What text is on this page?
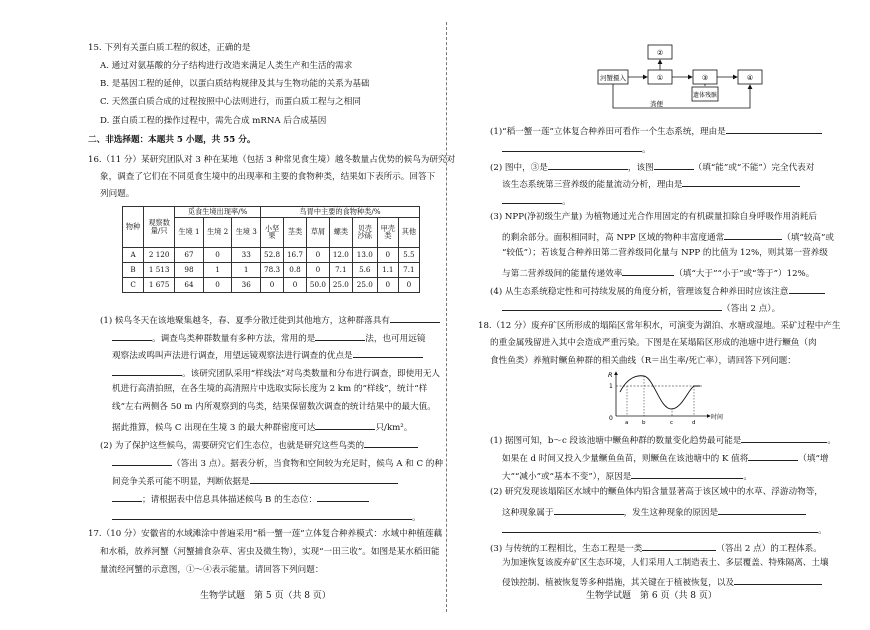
15. 下列有关蛋白质工程的叙述，正确的是
A. 通过对氨基酸的分子结构进行改造来满足人类生产和生活的需求
B. 是基因工程的延伸，以蛋白质结构规律及其与生物功能的关系为基础
C. 天然蛋白质合成的过程按照中心法则进行，而蛋白质工程与之相同
D. 蛋白质工程的操作过程中，需先合成 mRNA 后合成基因
二、非选择题：本题共 5 小题，共 55 分。
16.（11 分）某研究团队对 3 种在某地（包括 3 种常见食生境）越冬数量占优势的候鸟为研究对
象，调查了它们在不同觅食生境中的出现率和主要的食物种类，结果如下表所示。回答下
列问题。
物种	观察数量/只	觅食生境出现率/%			鸟胃中主要的食物种类/%						
		生境 1	生境 2	生境 3	小坚果	茎类	草屑	螺类	贝壳沙砾	甲壳类	其他
A	2 120	67	0	33	52.8	16.7	0	12.0	13.0	0	5.5
B	1 513	98	1	1	78.3	0.8	0	7.1	5.6	1.1	7.1
C	1 675	64	0	36	0	0	50.0	25.0	25.0	0	0
(1) 候鸟冬天在该地聚集越冬，春、夏季分散迁徙到其他地方，这种群落具有
。调查鸟类种群数量有多种方法，常用的是	法，也可用远镜
观察法或鸣叫声法进行调查，用望远镜观察法进行调查的优点是
。该研究团队采用“样线法”对鸟类数量和分布进行调查，即使用无人
机进行高清拍照，在各生境的高清照片中选取实际长度为 2 km 的“样线”，统计“样
线”左右两侧各 50 m 内所观察到的鸟类，结果保留数次调查的统计结果中的最大值。
据此推算，候鸟 C 出现在生境 3 的最大种群密度可达	只/km²。
(2) 为了保护这些候鸟，需要研究它们生态位，也就是研究这些鸟类的
（答出 3 点）。据表分析，当食物和空间较为充足时，候鸟 A 和 C 的种
间竞争关系可能不明显，判断依据是
；请根据表中信息具体描述候鸟 B 的生态位：
。
17.（10 分）安徽省的水域滩涂中普遍采用“稻一蟹一莲”立体复合种养模式：水域中种植莲藕
和水稻，放养河蟹（河蟹捕食杂草、害虫及微生物），实现“一田三收”。如图是某水稻田能
量流经河蟹的示意图，①～④表示能量。请回答下列问题：
生物学试题　第 5 页（共 8 页）
河蟹摄入	①
②
③	④
遗体残骸
粪便
(1)“稻一蟹一莲”立体复合种养田可看作一个生态系统，理由是
。
(2) 图中，③是	，该图	（填“能”或“不能”）完全代表对
该生态系统第三营养级的能量流动分析，理由是
。
(3) NPP(净初级生产量) 为植物通过光合作用固定的有机碳量扣除自身呼吸作用消耗后
的剩余部分。面积相同时，高 NPP 区域的物种丰富度通常	（填“较高”或
“较低”）；若该复合种养田第二营养级同化量与 NPP 的比值为 12%，则其第一营养级
与第二营养级间的能量传递效率	（填“大于”“小于”或“等于”）12%。
(4) 从生态系统稳定性和可持续发展的角度分析，管理该复合种养田时应该注意
（答出 2 点）。
18.（12 分）废弃矿区所形成的塌陷区常年积水，可演变为湖泊、水塘或湿地。采矿过程中产生
的重金属残留进入其中会造成严重污染。下图是在某塌陷区形成的池塘中进行鳜鱼（肉
食性鱼类）养殖时鳜鱼种群的相关曲线（R＝出生率/死亡率），请回答下列问题：
R
时间
1
0
a b	c	d
(1) 据图可知，b～c 段该池塘中鳜鱼种群的数量变化趋势最可能是	。
如果在 d 时间又投入少量鳜鱼鱼苗，则鳜鱼在该池塘中的 K 值将	（填“增
大”“减小”或“基本不变”），原因是	。
(2) 研究发现该塌陷区水域中的鳜鱼体内铅含量显著高于该区域中的水草、浮游动物等，
这种现象属于	，发生这种现象的原因是
。
(3) 与传统的工程相比，生态工程是一类	（答出 2 点）的工程体系。
为加速恢复该废弃矿区生态环境，人们采用人工制造表土、多层覆盖、特殊隔离、土壤
侵蚀控制、植被恢复等多种措施，其关键在于植被恢复，以及
生物学试题　第 6 页（共 8 页）
